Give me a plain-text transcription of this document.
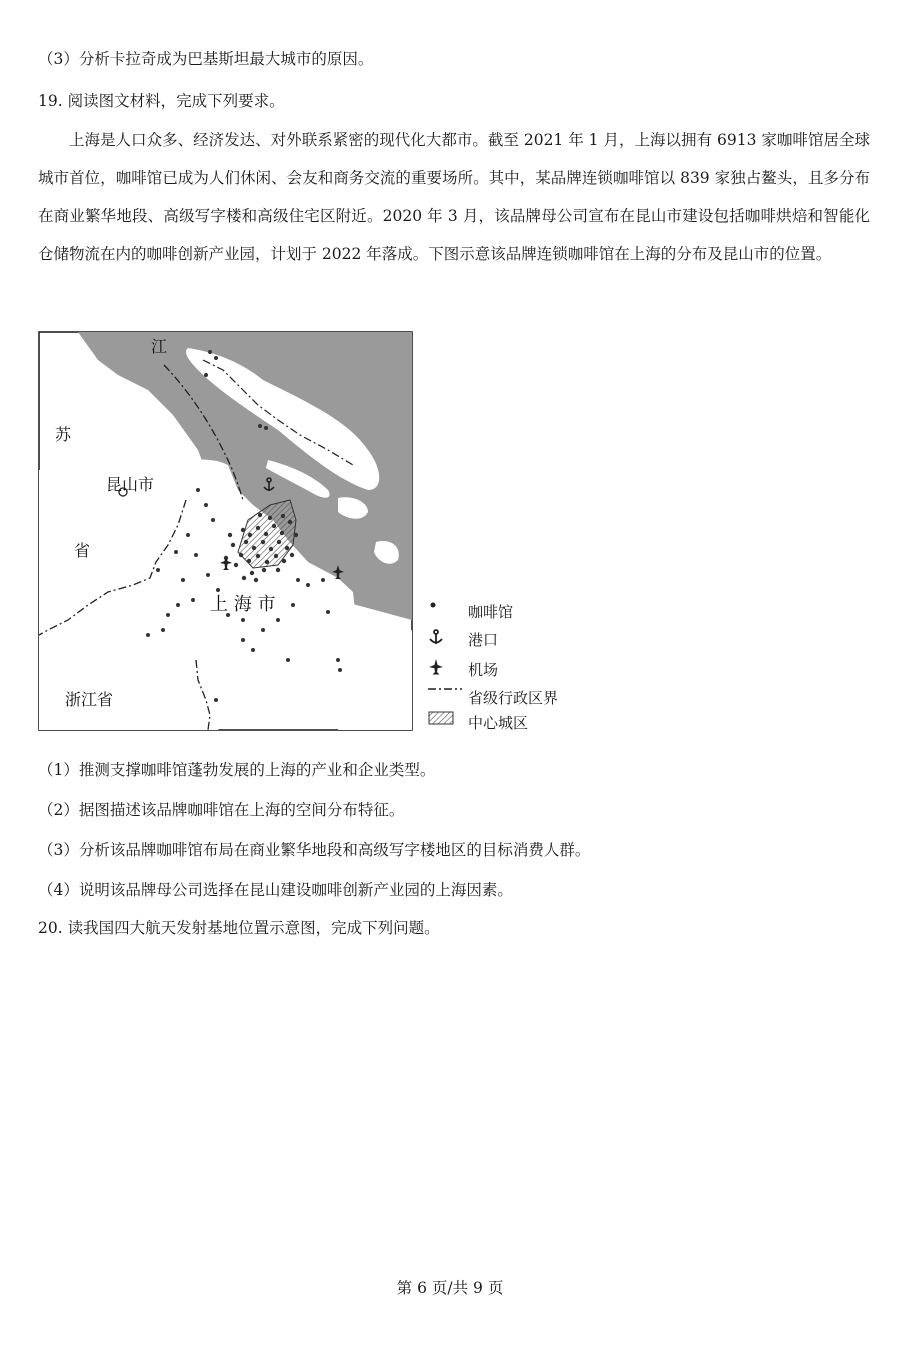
（3）分析卡拉奇成为巴基斯坦最大城市的原因。
19. 阅读图文材料，完成下列要求。
上海是人口众多、经济发达、对外联系紧密的现代化大都市。截至 2021 年 1 月，上海以拥有 6913 家咖啡馆居全球城市首位，咖啡馆已成为人们休闲、会友和商务交流的重要场所。其中，某品牌连锁咖啡馆以 839 家独占鳌头，且多分布在商业繁华地段、高级写字楼和高级住宅区附近。2020 年 3 月，该品牌母公司宣布在昆山市建设包括咖啡烘焙和智能化仓储物流在内的咖啡创新产业园，计划于 2022 年落成。下图示意该品牌连锁咖啡馆在上海的分布及昆山市的位置。
江
苏
昆山市
省
上 海 市
浙江省
咖啡馆
港口
机场
省级行政区界
中心城区
（1）推测支撑咖啡馆蓬勃发展的上海的产业和企业类型。
（2）据图描述该品牌咖啡馆在上海的空间分布特征。
（3）分析该品牌咖啡馆布局在商业繁华地段和高级写字楼地区的目标消费人群。
（4）说明该品牌母公司选择在昆山建设咖啡创新产业园的上海因素。
20. 读我国四大航天发射基地位置示意图，完成下列问题。
第 6 页/共 9 页
